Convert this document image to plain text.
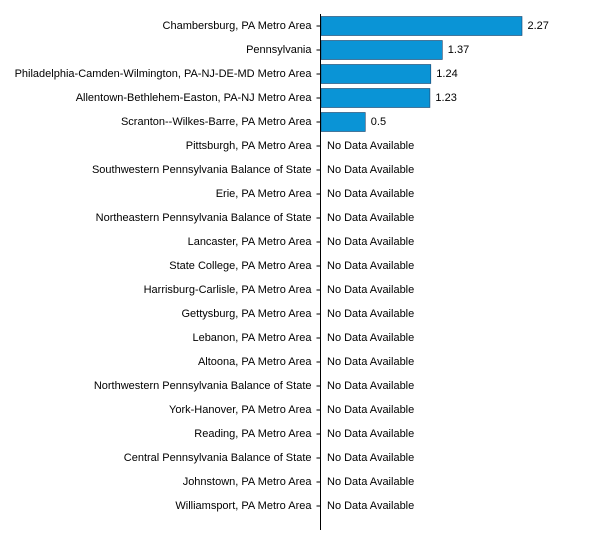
Chambersburg, PA Metro Area	2.27
Pennsylvania	1.37
Philadelphia-Camden-Wilmington, PA-NJ-DE-MD Metro Area	1.24
Allentown-Bethlehem-Easton, PA-NJ Metro Area	1.23
Scranton--Wilkes-Barre, PA Metro Area	0.5
Pittsburgh, PA Metro Area No Data Available
Southwestern Pennsylvania Balance of State No Data Available
Erie, PA Metro Area No Data Available
Northeastern Pennsylvania Balance of State No Data Available
Lancaster, PA Metro Area No Data Available
State College, PA Metro Area No Data Available
Harrisburg-Carlisle, PA Metro Area No Data Available
Gettysburg, PA Metro Area No Data Available
Lebanon, PA Metro Area No Data Available
Altoona, PA Metro Area No Data Available
Northwestern Pennsylvania Balance of State No Data Available
York-Hanover, PA Metro Area No Data Available
Reading, PA Metro Area No Data Available
Central Pennsylvania Balance of State No Data Available
Johnstown, PA Metro Area No Data Available
Williamsport, PA Metro Area No Data Available
